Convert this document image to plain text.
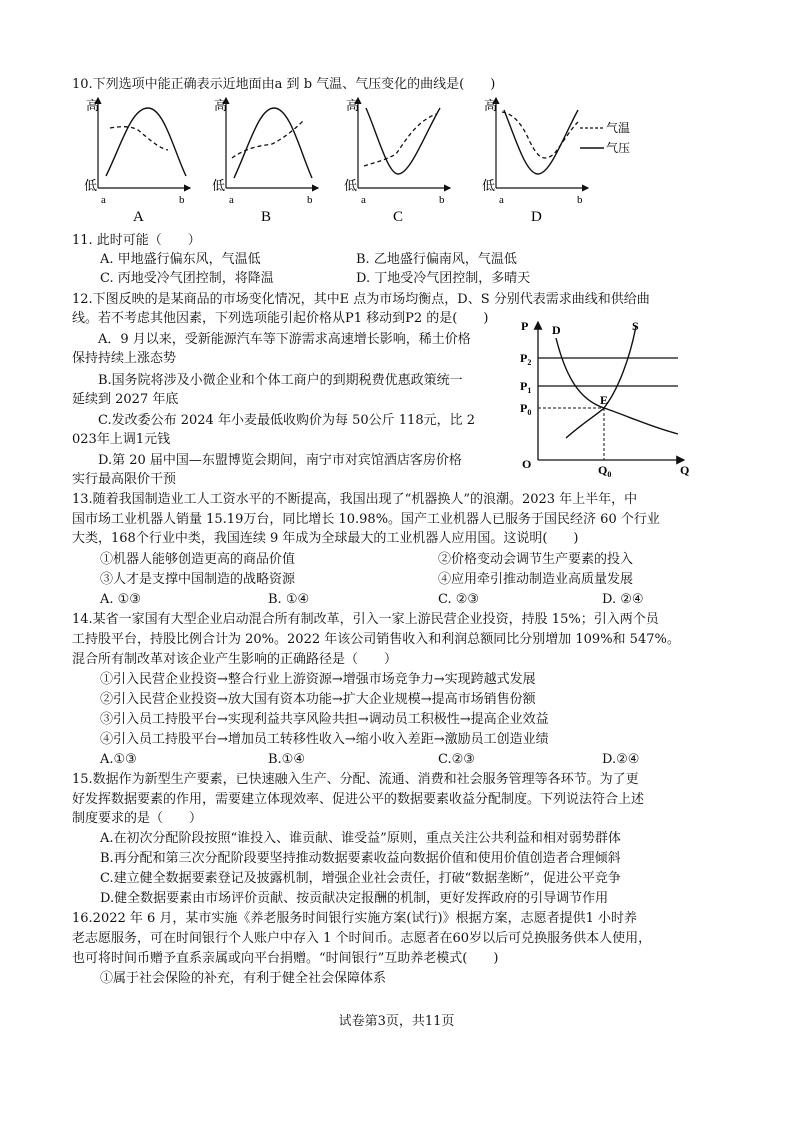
10.下列选项中能正确表示近地面由a 到 b 气温、气压变化的曲线是(　　)
高
低
a	b
A
高
低
a	b
B
高
低
a	b
C
高
低
a	b
D
气温
气压
11. 此时可能（　　）
A. 甲地盛行偏东风，气温低	B. 乙地盛行偏南风，气温低
C. 丙地受冷气团控制，将降温	D. 丁地受冷气团控制，多晴天
12.下图反映的是某商品的市场变化情况，其中E 点为市场均衡点，D、S 分别代表需求曲线和供给曲
线。若不考虑其他因素，下列选项能引起价格从P1 移动到P2 的是(　　)
A．9 月以来，受新能源汽车等下游需求高速增长影响，稀土价格
保持持续上涨态势
B.国务院将涉及小微企业和个体工商户的到期税费优惠政策统一
延续到 2027 年底
C.发改委公布 2024 年小麦最低收购价为每 50公斤 118元，比 2
023年上调1元钱
D.第 20 届中国—东盟博览会期间，南宁市对宾馆酒店客房价格
实行最高限价干预
P
$P_2$
$P_1$
$P_0$
O	Q
$Q_0$
D	S
E
13.随着我国制造业工人工资水平的不断提高，我国出现了“机器换人”的浪潮。2023 年上半年，中
国市场工业机器人销量 15.19万台，同比增长 10.98%。国产工业机器人已服务于国民经济 60 个行业
大类，168个行业中类，我国连续 9 年成为全球最大的工业机器人应用国。这说明(　　)
①机器人能够创造更高的商品价值	②价格变动会调节生产要素的投入
③人才是支撑中国制造的战略资源	④应用牵引推动制造业高质量发展
A. ①③	B. ①④	C. ②③	D. ②④
14.某省一家国有大型企业启动混合所有制改革，引入一家上游民营企业投资，持股 15%；引入两个员
工持股平台，持股比例合计为 20%。2022 年该公司销售收入和利润总额同比分别增加 109%和 547%。
混合所有制改革对该企业产生影响的正确路径是（　　）
①引入民营企业投资→整合行业上游资源→增强市场竞争力→实现跨越式发展
②引入民营企业投资→放大国有资本功能→扩大企业规模→提高市场销售份额
③引入员工持股平台→实现利益共享风险共担→调动员工积极性→提高企业效益
④引入员工持股平台→增加员工转移性收入→缩小收入差距→激励员工创造业绩
A.①③	B.①④	C.②③	D.②④
15.数据作为新型生产要素，已快速融入生产、分配、流通、消费和社会服务管理等各环节。为了更
好发挥数据要素的作用，需要建立体现效率、促进公平的数据要素收益分配制度。下列说法符合上述
制度要求的是（　　）
A.在初次分配阶段按照“谁投入、谁贡献、谁受益”原则，重点关注公共利益和相对弱势群体
B.再分配和第三次分配阶段要坚持推动数据要素收益向数据价值和使用价值创造者合理倾斜
C.建立健全数据要素登记及披露机制，增强企业社会责任，打破“数据垄断”，促进公平竞争
D.健全数据要素由市场评价贡献、按贡献决定报酬的机制，更好发挥政府的引导调节作用
16.2022 年 6 月，某市实施《养老服务时间银行实施方案(试行)》根据方案，志愿者提供1 小时养
老志愿服务，可在时间银行个人账户中存入 1 个时间币。志愿者在60岁以后可兑换服务供本人使用，
也可将时间币赠予直系亲属或向平台捐赠。“时间银行”互助养老模式(　　)
①属于社会保险的补充，有利于健全社会保障体系
试卷第3页，共11页
